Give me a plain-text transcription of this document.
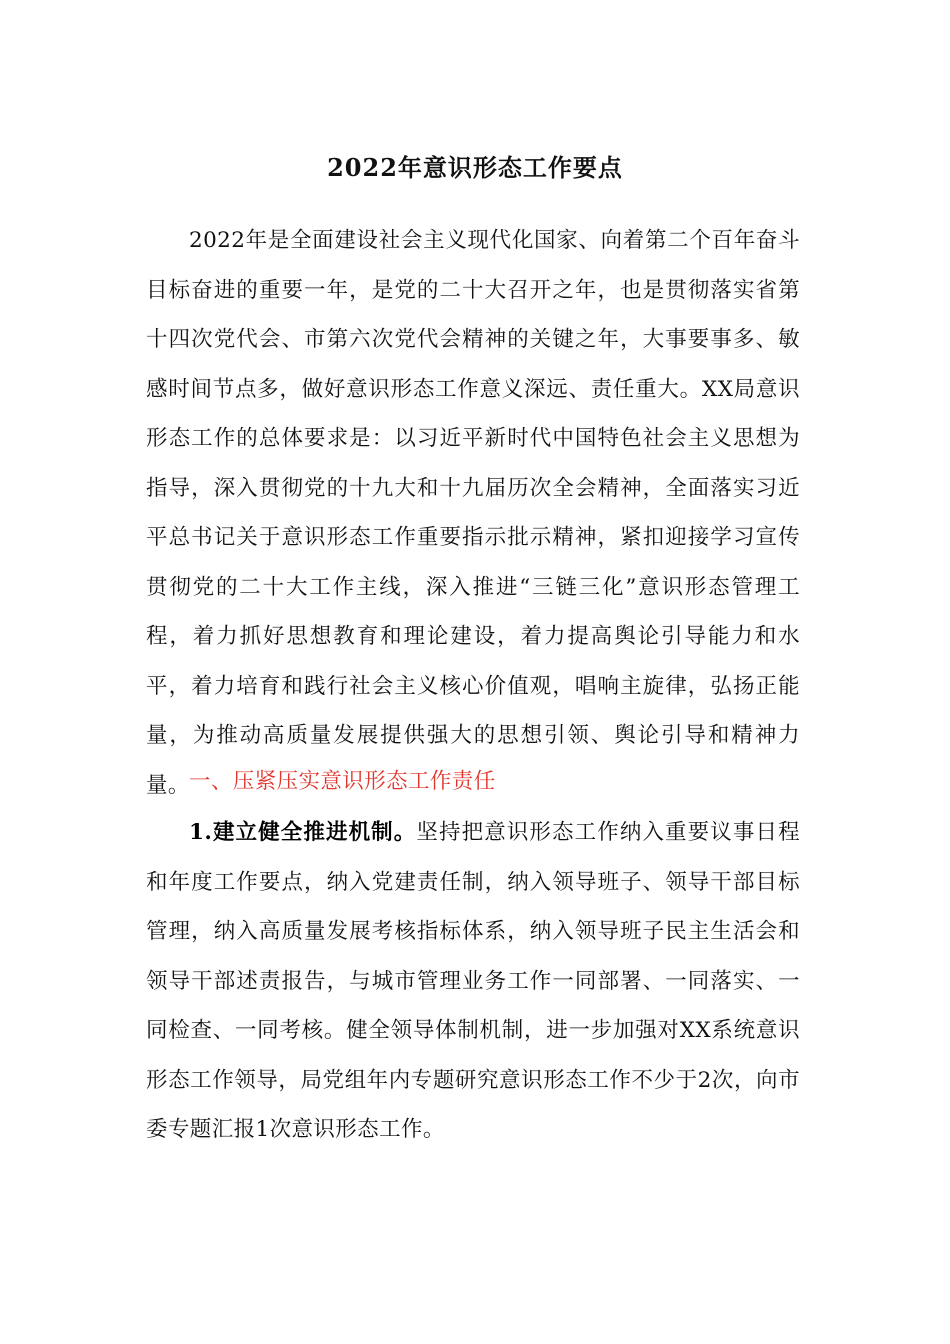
2022年意识形态工作要点

2022年是全面建设社会主义现代化国家、向着第二个百年奋斗目标奋进的重要一年，是党的二十大召开之年，也是贯彻落实省第十四次党代会、市第六次党代会精神的关键之年，大事要事多、敏感时间节点多，做好意识形态工作意义深远、责任重大。XX局意识形态工作的总体要求是：以习近平新时代中国特色社会主义思想为指导，深入贯彻党的十九大和十九届历次全会精神，全面落实习近平总书记关于意识形态工作重要指示批示精神，紧扣迎接学习宣传贯彻党的二十大工作主线，深入推进“三链三化”意识形态管理工程，着力抓好思想教育和理论建设，着力提高舆论引导能力和水平，着力培育和践行社会主义核心价值观，唱响主旋律，弘扬正能量，为推动高质量发展提供强大的思想引领、舆论引导和精神力量。 一、压紧压实意识形态工作责任

1.建立健全推进机制。坚持把意识形态工作纳入重要议事日程和年度工作要点，纳入党建责任制，纳入领导班子、领导干部目标管理，纳入高质量发展考核指标体系，纳入领导班子民主生活会和领导干部述责报告，与城市管理业务工作一同部署、一同落实、一同检查、一同考核。健全领导体制机制，进一步加强对XX系统意识形态工作领导，局党组年内专题研究意识形态工作不少于2次，向市委专题汇报1次意识形态工作。
